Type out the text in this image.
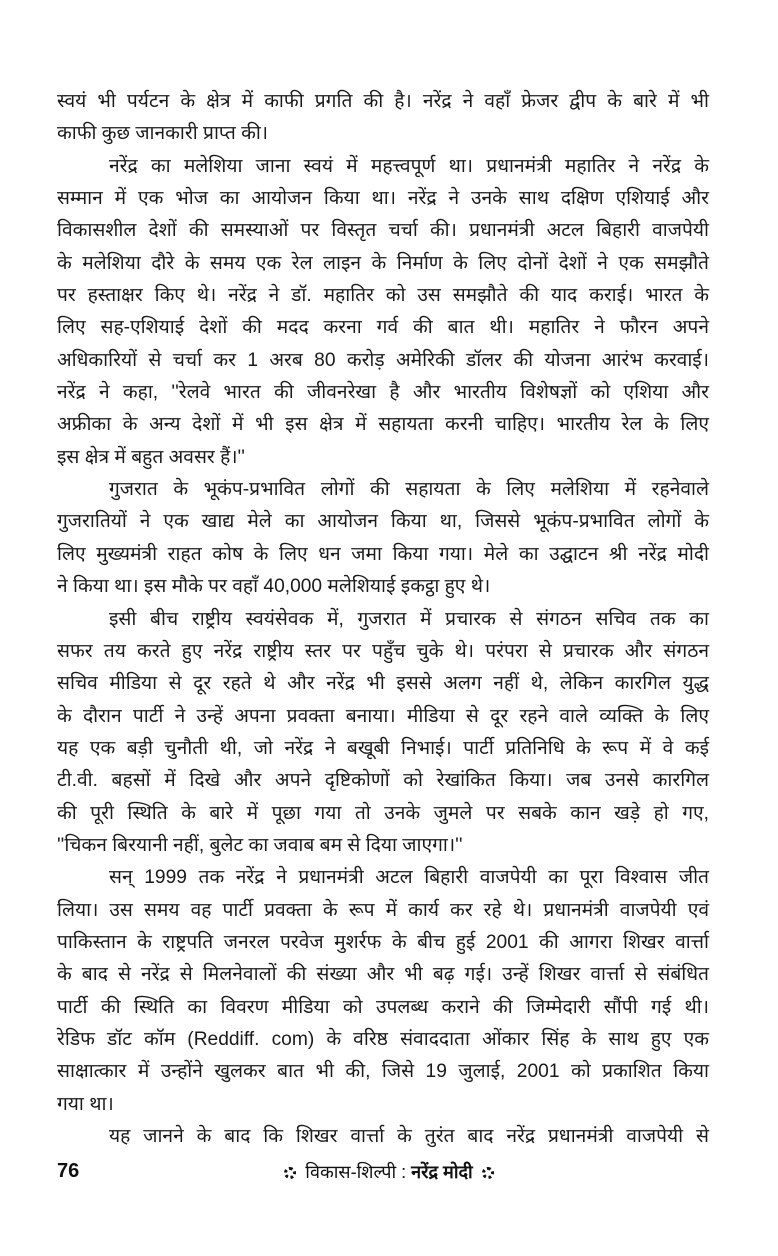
स्वयं भी पर्यटन के क्षेत्र में काफी प्रगति की है। नरेंद्र ने वहाँ फ्रेजर द्वीप के बारे में भी
काफी कुछ जानकारी प्राप्त की।
नरेंद्र का मलेशिया जाना स्वयं में महत्त्वपूर्ण था। प्रधानमंत्री महातिर ने नरेंद्र के
सम्मान में एक भोज का आयोजन किया था। नरेंद्र ने उनके साथ दक्षिण एशियाई और
विकासशील देशों की समस्याओं पर विस्तृत चर्चा की। प्रधानमंत्री अटल बिहारी वाजपेयी
के मलेशिया दौरे के समय एक रेल लाइन के निर्माण के लिए दोनों देशों ने एक समझौते
पर हस्ताक्षर किए थे। नरेंद्र ने डॉ. महातिर को उस समझौते की याद कराई। भारत के
लिए सह-एशियाई देशों की मदद करना गर्व की बात थी। महातिर ने फौरन अपने
अधिकारियों से चर्चा कर 1 अरब 80 करोड़ अमेरिकी डॉलर की योजना आरंभ करवाई।
नरेंद्र ने कहा, ''रेलवे भारत की जीवनरेखा है और भारतीय विशेषज्ञों को एशिया और
अफ्रीका के अन्य देशों में भी इस क्षेत्र में सहायता करनी चाहिए। भारतीय रेल के लिए
इस क्षेत्र में बहुत अवसर हैं।''
गुजरात के भूकंप-प्रभावित लोगों की सहायता के लिए मलेशिया में रहनेवाले
गुजरातियों ने एक खाद्य मेले का आयोजन किया था, जिससे भूकंप-प्रभावित लोगों के
लिए मुख्यमंत्री राहत कोष के लिए धन जमा किया गया। मेले का उद्घाटन श्री नरेंद्र मोदी
ने किया था। इस मौके पर वहाँ 40,000 मलेशियाई इकट्ठा हुए थे।
इसी बीच राष्ट्रीय स्वयंसेवक में, गुजरात में प्रचारक से संगठन सचिव तक का
सफर तय करते हुए नरेंद्र राष्ट्रीय स्तर पर पहुँच चुके थे। परंपरा से प्रचारक और संगठन
सचिव मीडिया से दूर रहते थे और नरेंद्र भी इससे अलग नहीं थे, लेकिन कारगिल युद्ध
के दौरान पार्टी ने उन्हें अपना प्रवक्ता बनाया। मीडिया से दूर रहने वाले व्यक्ति के लिए
यह एक बड़ी चुनौती थी, जो नरेंद्र ने बखूबी निभाई। पार्टी प्रतिनिधि के रूप में वे कई
टी.वी. बहसों में दिखे और अपने दृष्टिकोणों को रेखांकित किया। जब उनसे कारगिल
की पूरी स्थिति के बारे में पूछा गया तो उनके जुमले पर सबके कान खड़े हो गए,
''चिकन बिरयानी नहीं, बुलेट का जवाब बम से दिया जाएगा।''
सन् 1999 तक नरेंद्र ने प्रधानमंत्री अटल बिहारी वाजपेयी का पूरा विश्वास जीत
लिया। उस समय वह पार्टी प्रवक्ता के रूप में कार्य कर रहे थे। प्रधानमंत्री वाजपेयी एवं
पाकिस्तान के राष्ट्रपति जनरल परवेज मुशर्रफ के बीच हुई 2001 की आगरा शिखर वार्त्ता
के बाद से नरेंद्र से मिलनेवालों की संख्या और भी बढ़ गई। उन्हें शिखर वार्त्ता से संबंधित
पार्टी की स्थिति का विवरण मीडिया को उपलब्ध कराने की जिम्मेदारी सौंपी गई थी।
रेडिफ डॉट कॉम (Reddiff. com) के वरिष्ठ संवाददाता ओंकार सिंह के साथ हुए एक
साक्षात्कार में उन्होंने खुलकर बात भी की, जिसे 19 जुलाई, 2001 को प्रकाशित किया
गया था।
यह जानने के बाद कि शिखर वार्त्ता के तुरंत बाद नरेंद्र प्रधानमंत्री वाजपेयी से
76	विकास-शिल्पी : नरेंद्र मोदी
